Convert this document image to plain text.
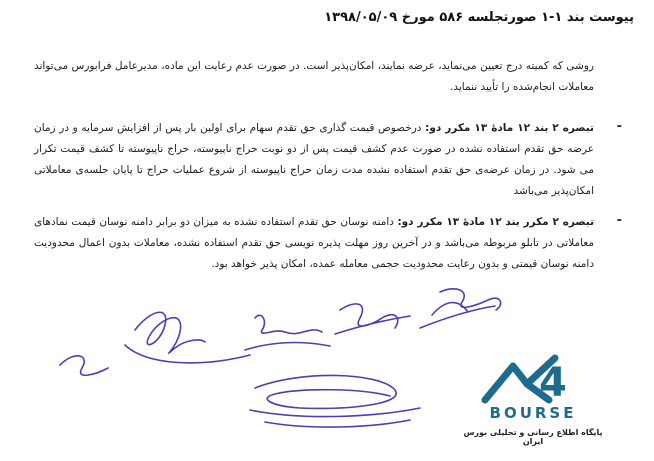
پیوست بند ۱-۱ صورتجلسه ۵۸۶ مورخ ۱۳۹۸/۰۵/۰۹
روشی که کمیته درج تعیین می‌نماید، عرضه نمایند، امکان‌پذیر است. در صورت عدم رعایت این ماده، مدیرعامل فرابورس می‌تواند معاملات انجام‌شده را تأیید ننماید.
-
تبصره ۲ بند ۱۲ مادهٔ ۱۳ مکرر دو: درخصوص قیمت گذاری حق تقدم سهام برای اولین بار پس از افزایش سرمایه و در زمان عرضه حق تقدم استفاده نشده در صورت عدم کشف قیمت پس از دو نوبت حراج ناپیوسته، حراج ناپیوسته تا کشف قیمت تکرار می شود. در زمان عرضه‌ی حق تقدم استفاده نشده مدت زمان حراج ناپیوسته از شروع عملیات حراج تا پایان جلسه‌ی معاملاتی امکان‌پذیر می‌باشد
-
تبصره ۲ مکرر بند ۱۲ مادهٔ ۱۳ مکرر دو: دامنه نوسان حق تقدم استفاده نشده به میزان دو برابر دامنه نوسان قیمت نمادهای معاملاتی در تابلو مربوطه می‌باشد و در آخرین روز مهلت پذیره نویسی حق تقدم استفاده نشده، معاملات بدون اعمال محدودیت دامنه نوسان قیمتی و بدون رعایت محدودیت حجمی معامله عمده، امکان پذیر خواهد بود.
4
BOURSE
پایگاه اطلاع رسانی و تحلیلی بورس ایران
